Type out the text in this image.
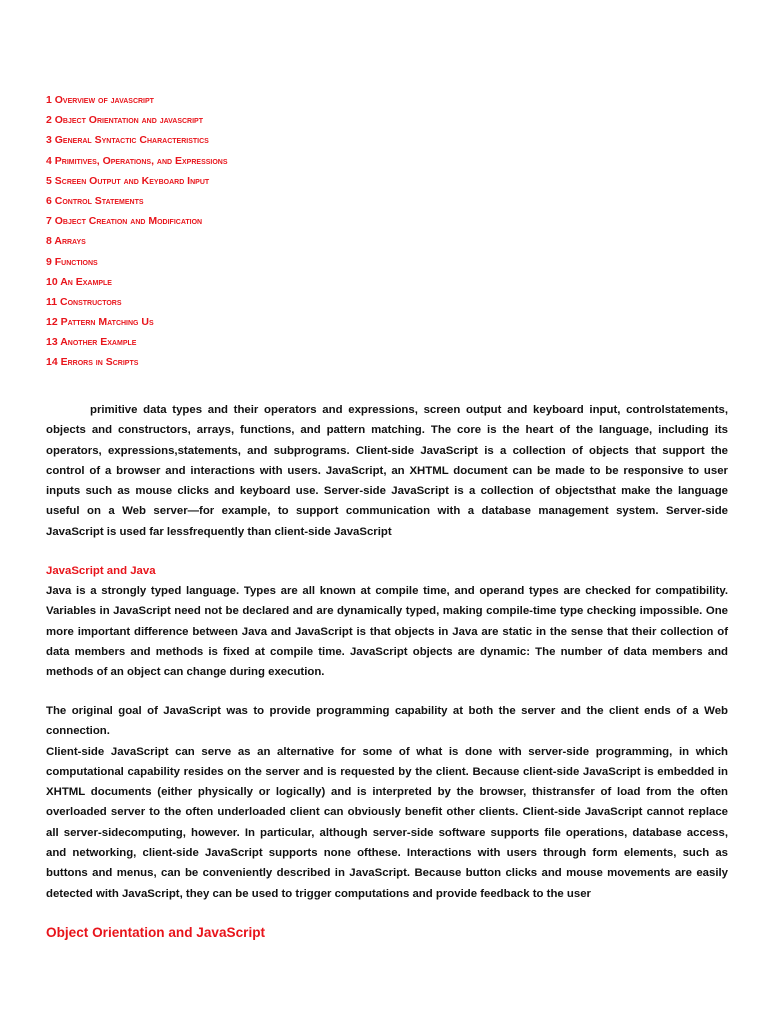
1 Overview of javascript
2 Object Orientation and javascript
3 General Syntactic Characteristics
4 Primitives, Operations, and Expressions
5 Screen Output and Keyboard Input
6 Control Statements
7 Object Creation and Modification
8 Arrays
9 Functions
10 An Example
11 Constructors
12 Pattern Matching Us
13 Another Example
14 Errors in Scripts

primitive data types and their operators and expressions, screen output and keyboard input, controlstatements, objects and constructors, arrays, functions, and pattern matching. The core is the heart of the language, including its operators, expressions,statements, and subprograms. Client-side JavaScript is a collection of objects that support the control of a browser and interactions with users. JavaScript, an XHTML document can be made to be responsive to user inputs such as mouse clicks and keyboard use. Server-side JavaScript is a collection of objectsthat make the language useful on a Web server—for example, to support communication with a database management system. Server-side JavaScript is used far lessfrequently than client-side JavaScript

JavaScript and Java

Java is a strongly typed language. Types are all known at compile time, and operand types are checked for compatibility. Variables in JavaScript need not be declared and are dynamically typed, making compile-time type checking impossible. One more important difference between Java and JavaScript is that objects in Java are static in the sense that their collection of data members and methods is fixed at compile time. JavaScript objects are dynamic: The number of data members and methods of an object can change during execution.

The original goal of JavaScript was to provide programming capability at both the server and the client ends of a Web connection.

Client-side JavaScript can serve as an alternative for some of what is done with server-side programming, in which computational capability resides on the server and is requested by the client. Because client-side JavaScript is embedded in XHTML documents (either physically or logically) and is interpreted by the browser, thistransfer of load from the often overloaded server to the often underloaded client can obviously benefit other clients. Client-side JavaScript cannot replace all server-sidecomputing, however. In particular, although server-side software supports file operations, database access, and networking, client-side JavaScript supports none ofthese. Interactions with users through form elements, such as buttons and menus, can be conveniently described in JavaScript. Because button clicks and mouse movements are easily detected with JavaScript, they can be used to trigger computations and provide feedback to the user

Object Orientation and JavaScript
